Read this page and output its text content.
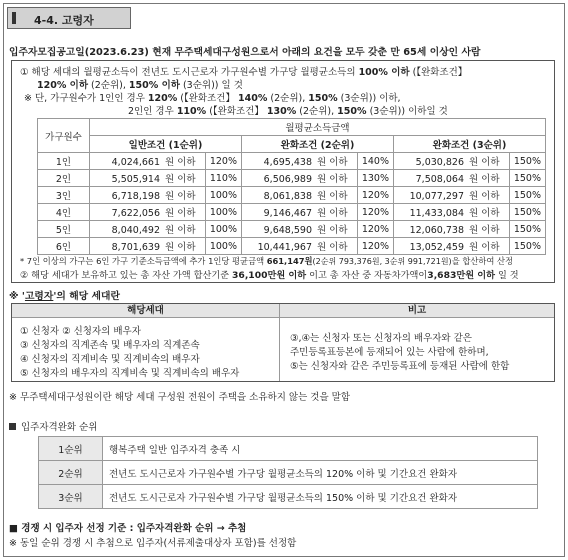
4-4. 고령자
입주자모집공고일(2023.6.23) 현재 무주택세대구성원으로서 아래의 요건을 모두 갖춘 만 65세 이상인 사람
① 해당 세대의 월평균소득이 전년도 도시근로자 가구원수별 가구당 월평균소득의 100% 이하 (【완화조건】
120% 이하 (2순위), 150% 이하 (3순위)) 일 것
※ 단, 가구원수가 1인인 경우 120% (【완화조건】 140% (2순위), 150% (3순위)) 이하,
2인인 경우 110% (【완화조건】 130% (2순위), 150% (3순위)) 이하일 것
가구원수	월평균소득금액					
	일반조건 (1순위)		완화조건 (2순위)		완화조건 (3순위)	
1인	4,024,661 원 이하	120%	4,695,438 원 이하	140%	5,030,826 원 이하	150%
2인	5,505,914 원 이하	110%	6,506,989 원 이하	130%	7,508,064 원 이하	150%
3인	6,718,198 원 이하	100%	8,061,838 원 이하	120%	10,077,297 원 이하	150%
4인	7,622,056 원 이하	100%	9,146,467 원 이하	120%	11,433,084 원 이하	150%
5인	8,040,492 원 이하	100%	9,648,590 원 이하	120%	12,060,738 원 이하	150%
6인	8,701,639 원 이하	100%	10,441,967 원 이하	120%	13,052,459 원 이하	150%
* 7인 이상의 가구는 6인 가구 기준소득금액에 추가 1인당 평균금액 661,147원(2순위 793,376원, 3순위 991,721원)을 합산하여 산정
② 해당 세대가 보유하고 있는 총 자산 가액 합산기준 36,100만원 이하 이고 총 자산 중 자동차가액이3,683만원 이하 일 것
※ '고령자'의 해당 세대란
해당세대	비고
① 신청자 ② 신청자의 배우자
③ 신청자의 직계존속 및 배우자의 직계존속
④ 신청자의 직계비속 및 직계비속의 배우자
⑤ 신청자의 배우자의 직계비속 및 직계비속의 배우자
③,④는 신청자 또는 신청자의 배우자와 같은
주민등록표등본에 등재되어 있는 사람에 한하며,
⑤는 신청자와 같은 주민등록표에 등재된 사람에 한함
※ 무주택세대구성원이란 해당 세대 구성원 전원이 주택을 소유하지 않는 것을 말함
입주자격완화 순위
1순위	행복주택 일반 입주자격 충족 시
2순위	전년도 도시근로자 가구원수별 가구당 월평균소득의 120% 이하 및 기간요건 완화자
3순위	전년도 도시근로자 가구원수별 가구당 월평균소득의 150% 이하 및 기간요건 완화자
■ 경쟁 시 입주자 선정 기준 : 입주자격완화 순위 → 추첨
※ 동일 순위 경쟁 시 추첨으로 입주자(서류제출대상자 포함)를 선정함
